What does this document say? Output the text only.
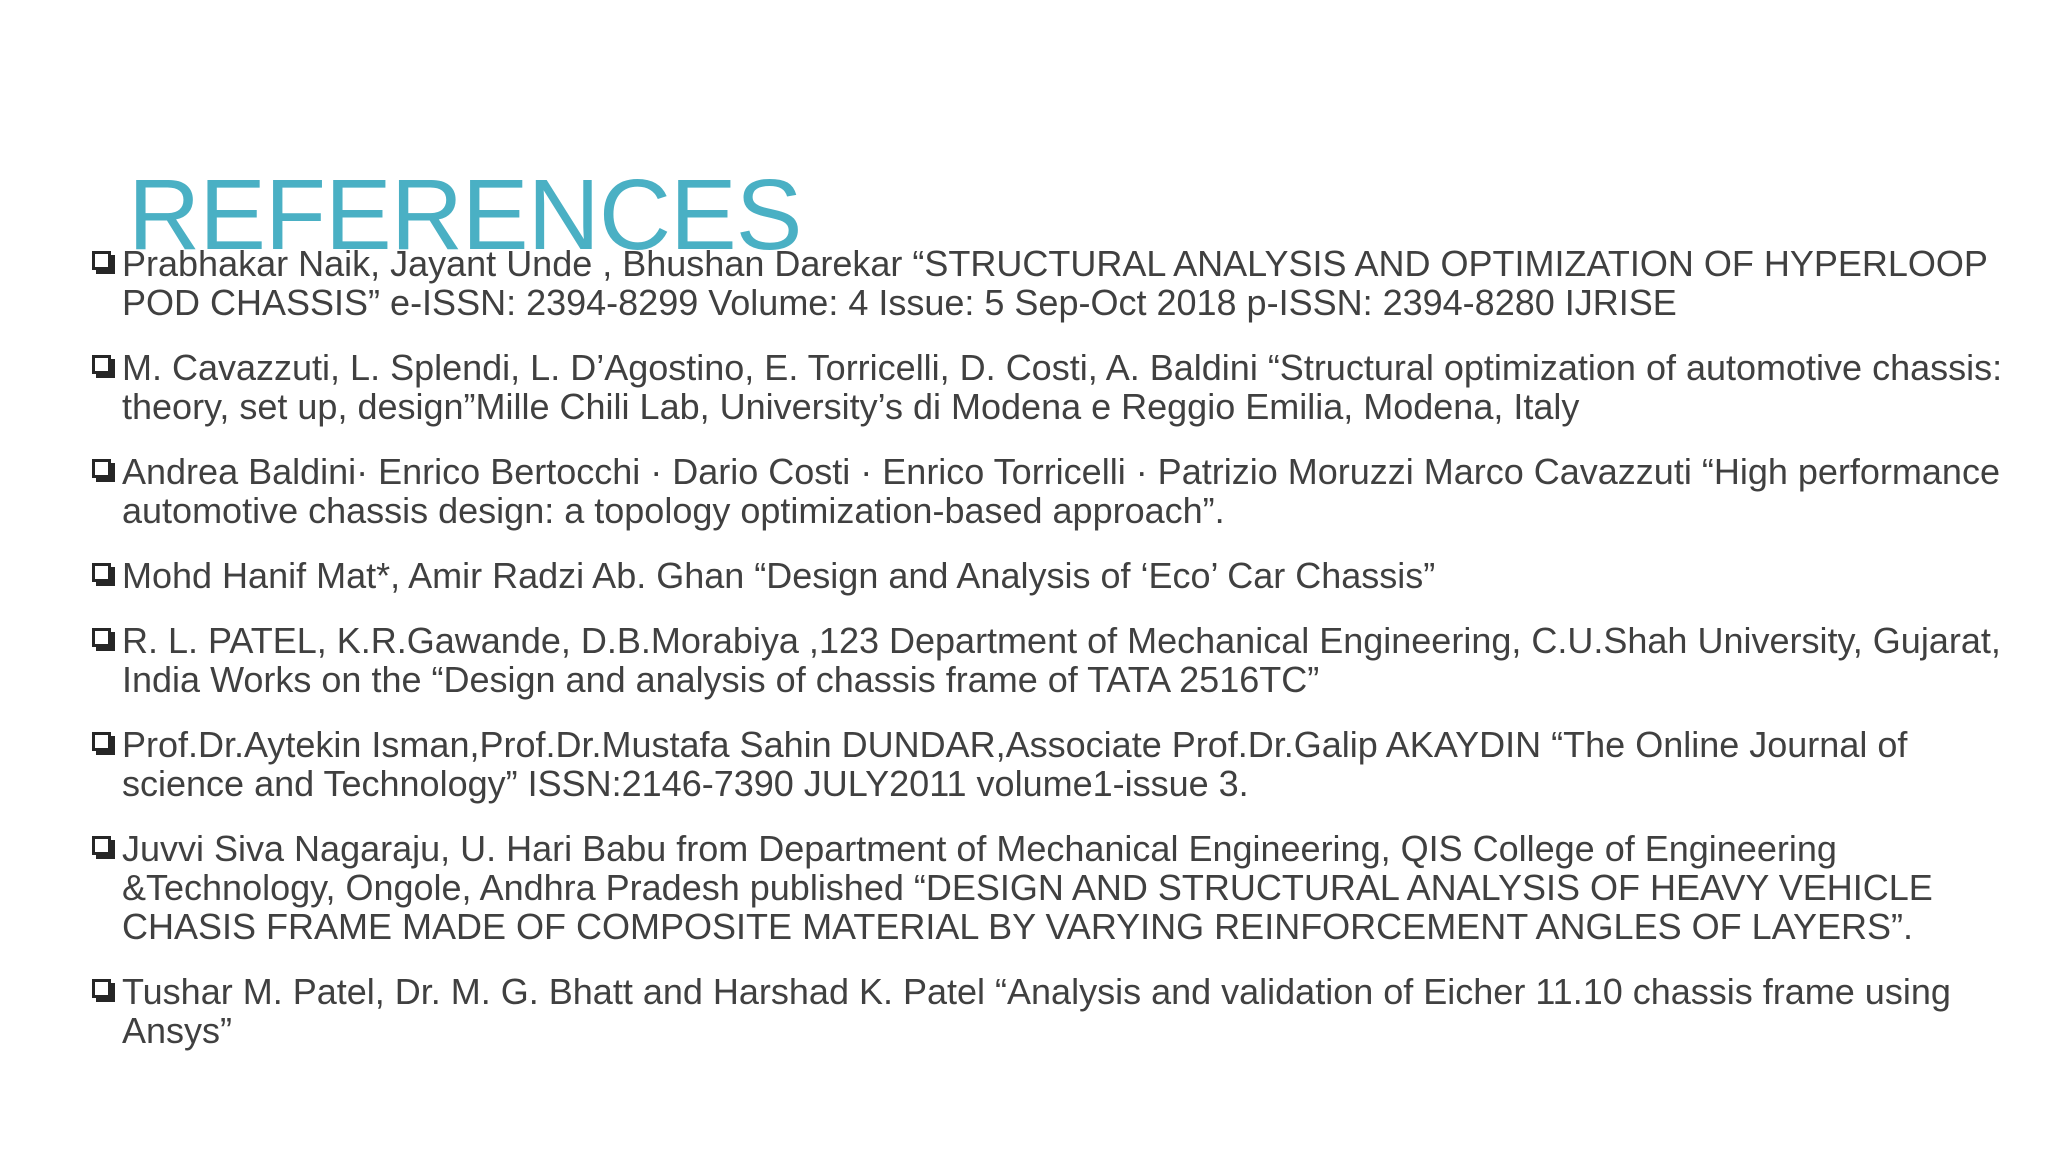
REFERENCES
Prabhakar Naik, Jayant Unde , Bhushan Darekar “STRUCTURAL ANALYSIS AND OPTIMIZATION OF HYPERLOOP POD CHASSIS” e-ISSN: 2394-8299 Volume: 4 Issue: 5 Sep-Oct 2018 p-ISSN: 2394-8280 IJRISE
M. Cavazzuti, L. Splendi, L. D’Agostino, E. Torricelli, D. Costi, A. Baldini “Structural optimization of automotive chassis: theory, set up, design”Mille Chili Lab, University’s di Modena e Reggio Emilia, Modena, Italy
Andrea Baldini· Enrico Bertocchi · Dario Costi · Enrico Torricelli · Patrizio Moruzzi Marco Cavazzuti “High performance automotive chassis design: a topology optimization-based approach”.
Mohd Hanif Mat*, Amir Radzi Ab. Ghan “Design and Analysis of ‘Eco’ Car Chassis”
R. L. PATEL, K.R.Gawande, D.B.Morabiya ,123 Department of Mechanical Engineering, C.U.Shah University, Gujarat, India Works on the “Design and analysis of chassis frame of TATA 2516TC”
Prof.Dr.Aytekin Isman,Prof.Dr.Mustafa Sahin DUNDAR,Associate Prof.Dr.Galip AKAYDIN “The Online Journal of science and Technology” ISSN:2146-7390 JULY2011 volume1-issue 3.
Juvvi Siva Nagaraju, U. Hari Babu from Department of Mechanical Engineering, QIS College of Engineering &Technology, Ongole, Andhra Pradesh published “DESIGN AND STRUCTURAL ANALYSIS OF HEAVY VEHICLE CHASIS FRAME MADE OF COMPOSITE MATERIAL BY VARYING REINFORCEMENT ANGLES OF LAYERS”.
Tushar M. Patel, Dr. M. G. Bhatt and Harshad K. Patel “Analysis and validation of Eicher 11.10 chassis frame using Ansys”
